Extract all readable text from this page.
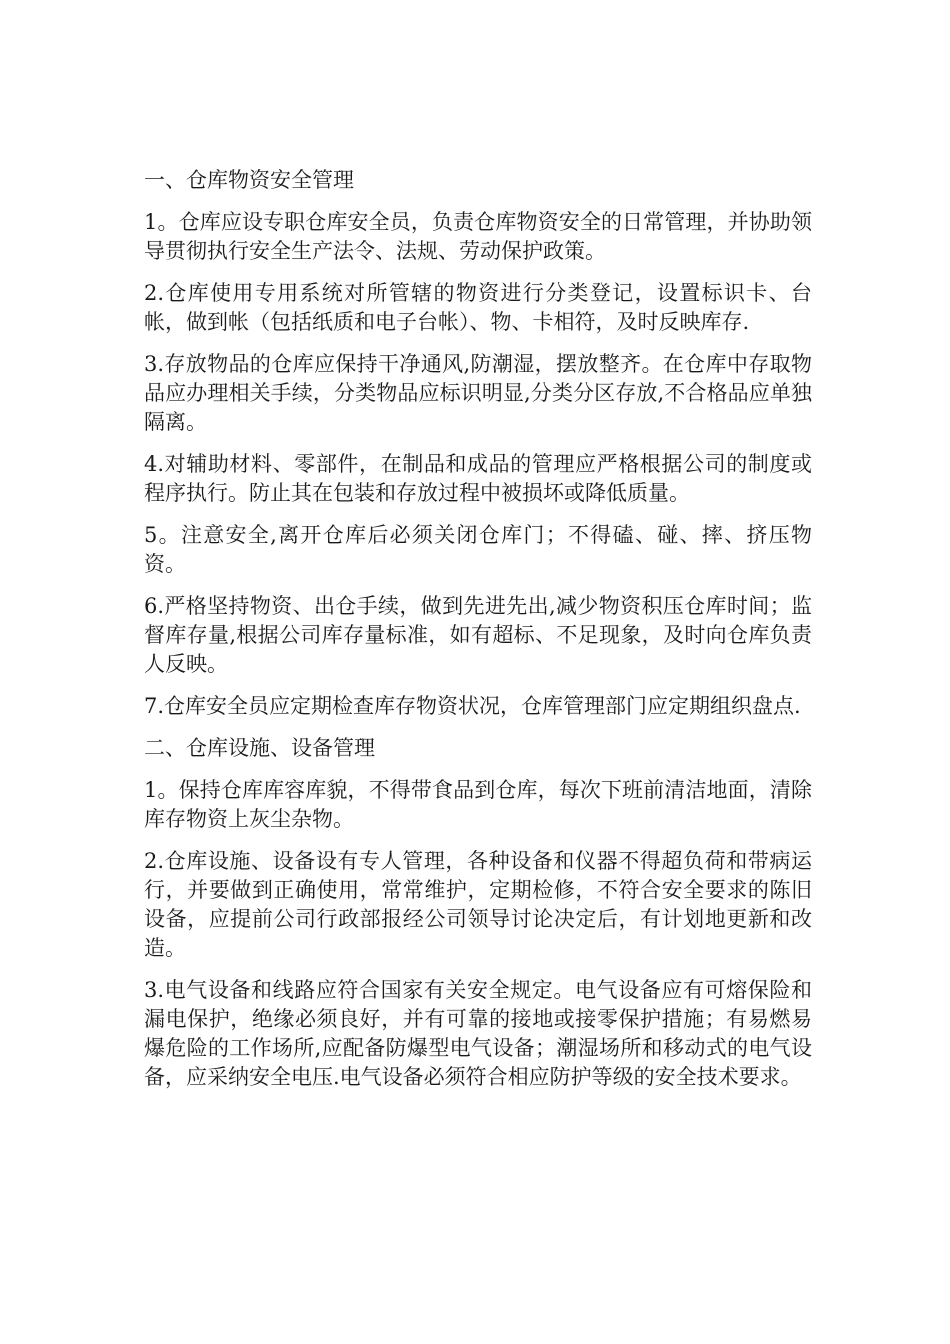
一、仓库物资安全管理

1。仓库应设专职仓库安全员，负责仓库物资安全的日常管理，并协助领导贯彻执行安全生产法令、法规、劳动保护政策。

2.仓库使用专用系统对所管辖的物资进行分类登记，设置标识卡、台帐，做到帐（包括纸质和电子台帐）、物、卡相符，及时反映库存.

3.存放物品的仓库应保持干净通风,防潮湿，摆放整齐。在仓库中存取物品应办理相关手续，分类物品应标识明显,分类分区存放,不合格品应单独隔离。

4.对辅助材料、零部件，在制品和成品的管理应严格根据公司的制度或程序执行。防止其在包装和存放过程中被损坏或降低质量。

5。注意安全,离开仓库后必须关闭仓库门；不得磕、碰、摔、挤压物资。

6.严格坚持物资、出仓手续，做到先进先出,减少物资积压仓库时间；监督库存量,根据公司库存量标准，如有超标、不足现象，及时向仓库负责人反映。

7.仓库安全员应定期检查库存物资状况，仓库管理部门应定期组织盘点.

二、仓库设施、设备管理

1。保持仓库库容库貌，不得带食品到仓库，每次下班前清洁地面，清除库存物资上灰尘杂物。

2.仓库设施、设备设有专人管理，各种设备和仪器不得超负荷和带病运行，并要做到正确使用，常常维护，定期检修，不符合安全要求的陈旧设备，应提前公司行政部报经公司领导讨论决定后，有计划地更新和改造。

3.电气设备和线路应符合国家有关安全规定。电气设备应有可熔保险和漏电保护，绝缘必须良好，并有可靠的接地或接零保护措施；有易燃易爆危险的工作场所,应配备防爆型电气设备；潮湿场所和移动式的电气设备，应采纳安全电压.电气设备必须符合相应防护等级的安全技术要求。
